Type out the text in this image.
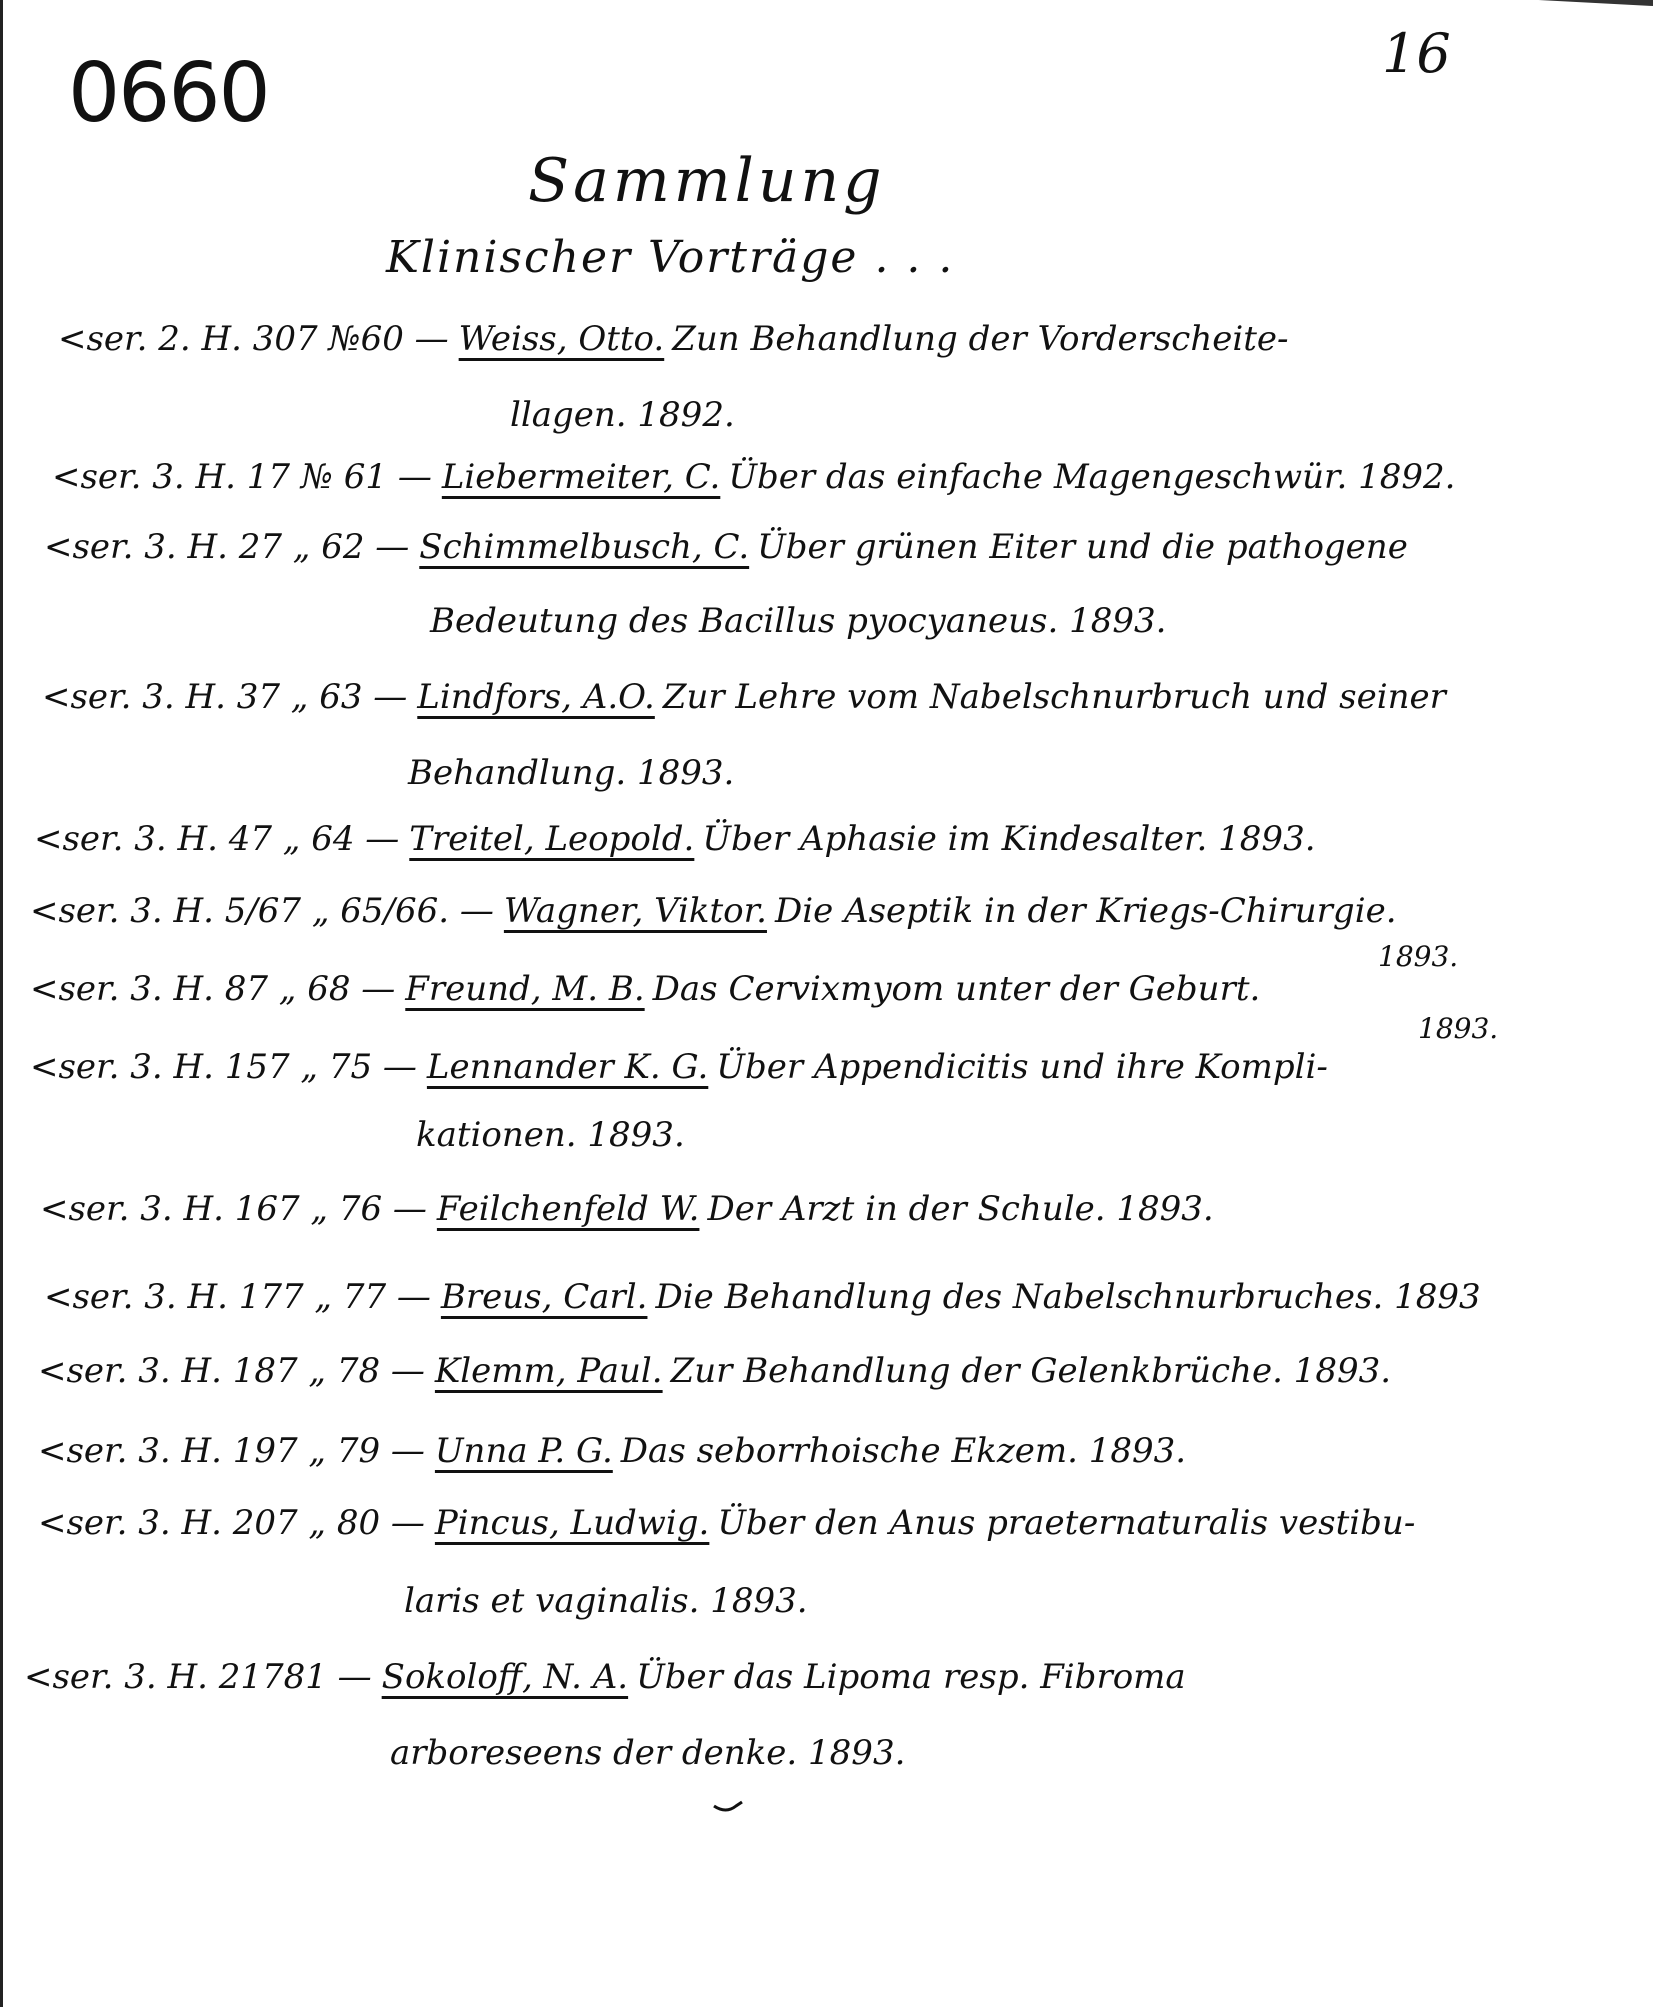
0660	16
Sammlung
Klinischer Vorträge . . .
<ser. 2. H. 307 №60 — Weiss, Otto. Zun Behandlung der Vorderscheite-
llagen. 1892.
<ser. 3. H. 17 № 61 — Liebermeiter, C. Über das einfache Magengeschwür. 1892.
<ser. 3. H. 27 „ 62 — Schimmelbusch, C. Über grünen Eiter und die pathogene
Bedeutung des Bacillus pyocyaneus. 1893.
<ser. 3. H. 37 „ 63 — Lindfors, A.O. Zur Lehre vom Nabelschnurbruch und seiner
Behandlung. 1893.
<ser. 3. H. 47 „ 64 — Treitel, Leopold. Über Aphasie im Kindesalter. 1893.
<ser. 3. H. 5/67 „ 65/66. — Wagner, Viktor. Die Aseptik in der Kriegs-Chirurgie.
1893.
<ser. 3. H. 87 „ 68 — Freund, M. B. Das Cervixmyom unter der Geburt.
1893.
<ser. 3. H. 157 „ 75 — Lennander K. G. Über Appendicitis und ihre Kompli-
kationen. 1893.
<ser. 3. H. 167 „ 76 — Feilchenfeld W. Der Arzt in der Schule. 1893.
<ser. 3. H. 177 „ 77 — Breus, Carl. Die Behandlung des Nabelschnurbruches. 1893
<ser. 3. H. 187 „ 78 — Klemm, Paul. Zur Behandlung der Gelenkbrüche. 1893.
<ser. 3. H. 197 „ 79 — Unna P. G. Das seborrhoische Ekzem. 1893.
<ser. 3. H. 207 „ 80 — Pincus, Ludwig. Über den Anus praeternaturalis vestibu-
laris et vaginalis. 1893.
<ser. 3. H. 21781 — Sokoloff, N. A. Über das Lipoma resp. Fibroma
arboreseens der denke. 1893.
